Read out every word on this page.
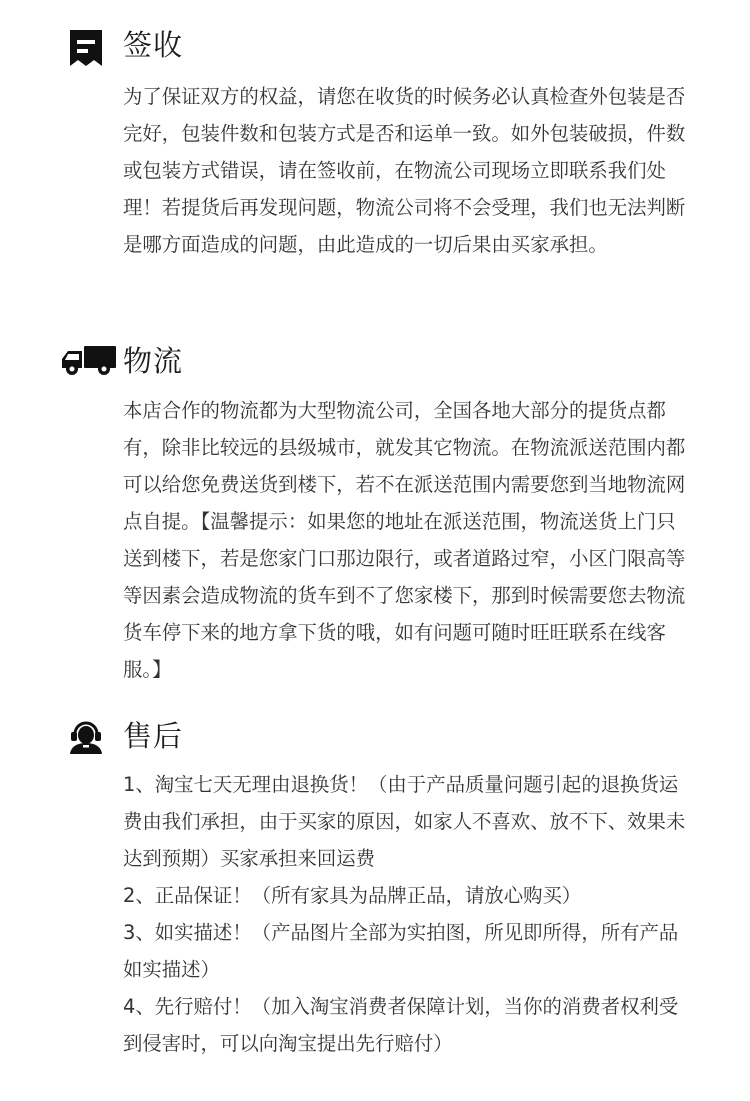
签收

为了保证双方的权益，请您在收货的时候务必认真检查外包装是否完好，包装件数和包装方式是否和运单一致。如外包装破损，件数或包装方式错误，请在签收前，在物流公司现场立即联系我们处理！若提货后再发现问题，物流公司将不会受理，我们也无法判断是哪方面造成的问题，由此造成的一切后果由买家承担。

物流

本店合作的物流都为大型物流公司，全国各地大部分的提货点都有，除非比较远的县级城市，就发其它物流。在物流派送范围内都可以给您免费送货到楼下，若不在派送范围内需要您到当地物流网点自提。【温馨提示：如果您的地址在派送范围，物流送货上门只送到楼下，若是您家门口那边限行，或者道路过窄，小区门限高等等因素会造成物流的货车到不了您家楼下，那到时候需要您去物流货车停下来的地方拿下货的哦，如有问题可随时旺旺联系在线客服。】

售后
1、淘宝七天无理由退换货！（由于产品质量问题引起的退换货运费由我们承担，由于买家的原因，如家人不喜欢、放不下、效果未达到预期）买家承担来回运费
2、正品保证！（所有家具为品牌正品，请放心购买）
3、如实描述！（产品图片全部为实拍图，所见即所得，所有产品如实描述）
4、先行赔付！（加入淘宝消费者保障计划，当你的消费者权利受到侵害时，可以向淘宝提出先行赔付）
